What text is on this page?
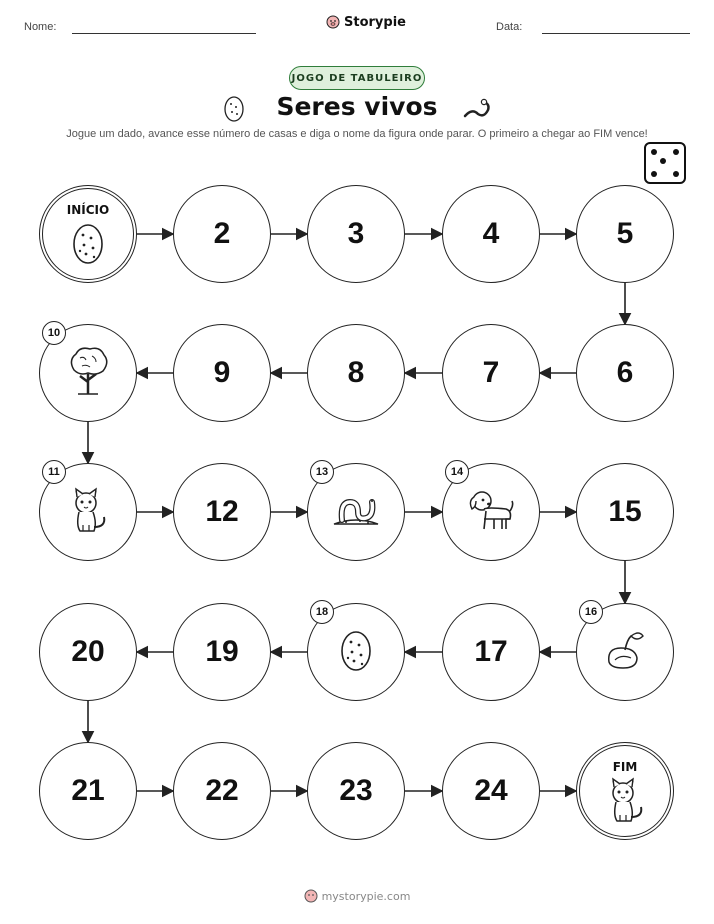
Nome:	Storypie	Data:
JOGO DE TABULEIRO
Seres vivos
Jogue um dado, avance esse número de casas e diga o nome da figura onde parar. O primeiro a chegar ao FIM vence!
INÍCIO
2	3	4	5
6
7
8
9
10
11
12
13	14
15
16
17
18
19
20
21	22	23	24
FIM
mystorypie.com
